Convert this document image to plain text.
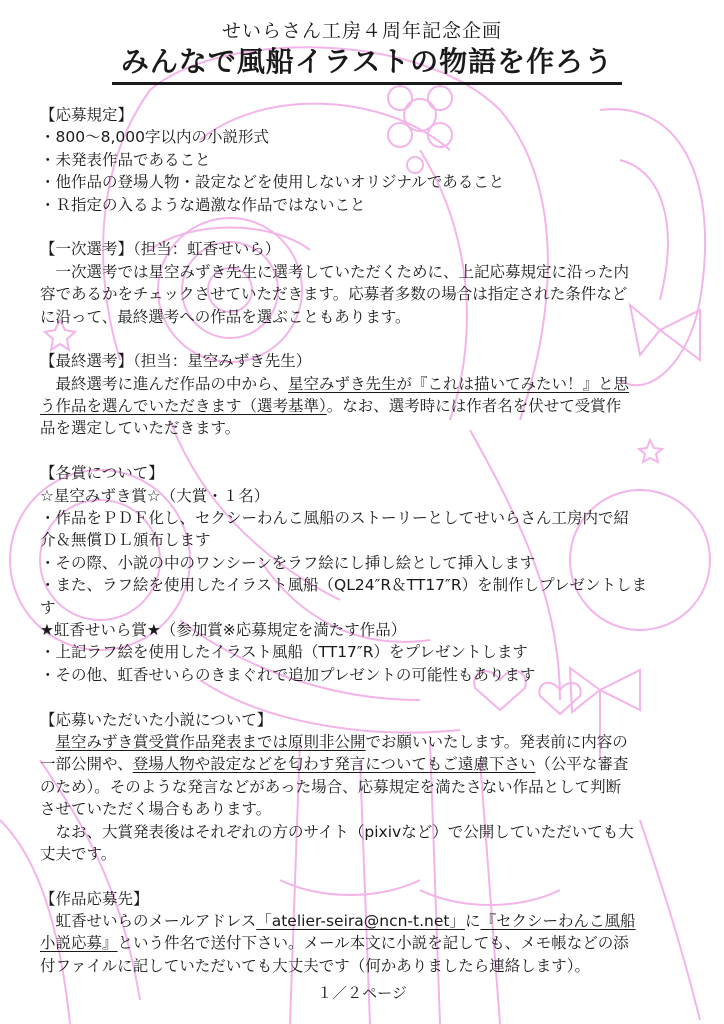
せいらさん工房４周年記念企画
みんなで風船イラストの物語を作ろう
【応募規定】
・800～8,000字以内の小説形式
・未発表作品であること
・他作品の登場人物・設定などを使用しないオリジナルであること
・Ｒ指定の入るような過激な作品ではないこと
【一次選考】（担当：虹香せいら）
　一次選考では星空みずき先生に選考していただくために、上記応募規定に沿った内
容であるかをチェックさせていただきます。応募者多数の場合は指定された条件など
に沿って、最終選考への作品を選ぶこともあります。
【最終選考】（担当：星空みずき先生）
　最終選考に進んだ作品の中から、星空みずき先生が『これは描いてみたい！』と思
う作品を選んでいただきます（選考基準）。なお、選考時には作者名を伏せて受賞作
品を選定していただきます。
【各賞について】
☆星空みずき賞☆（大賞・１名）
・作品をＰＤＦ化し、セクシーわんこ風船のストーリーとしてせいらさん工房内で紹
介＆無償ＤＬ頒布します
・その際、小説の中のワンシーンをラフ絵にし挿し絵として挿入します
・また、ラフ絵を使用したイラスト風船（QL24″R＆TT17″R）を制作しプレゼントしま
す
★虹香せいら賞★（参加賞※応募規定を満たす作品）
・上記ラフ絵を使用したイラスト風船（TT17″R）をプレゼントします
・その他、虹香せいらのきまぐれで追加プレゼントの可能性もあります
【応募いただいた小説について】
　星空みずき賞受賞作品発表までは原則非公開でお願いいたします。発表前に内容の
一部公開や、登場人物や設定などを匂わす発言についてもご遠慮下さい（公平な審査
のため）。そのような発言などがあった場合、応募規定を満たさない作品として判断
させていただく場合もあります。
　なお、大賞発表後はそれぞれの方のサイト（pixivなど）で公開していただいても大
丈夫です。
【作品応募先】
　虹香せいらのメールアドレス「atelier-seira@ncn-t.net」に『セクシーわんこ風船
小説応募』という件名で送付下さい。メール本文に小説を記しても、メモ帳などの添
付ファイルに記していただいても大丈夫です（何かありましたら連絡します）。
１／２ページ
